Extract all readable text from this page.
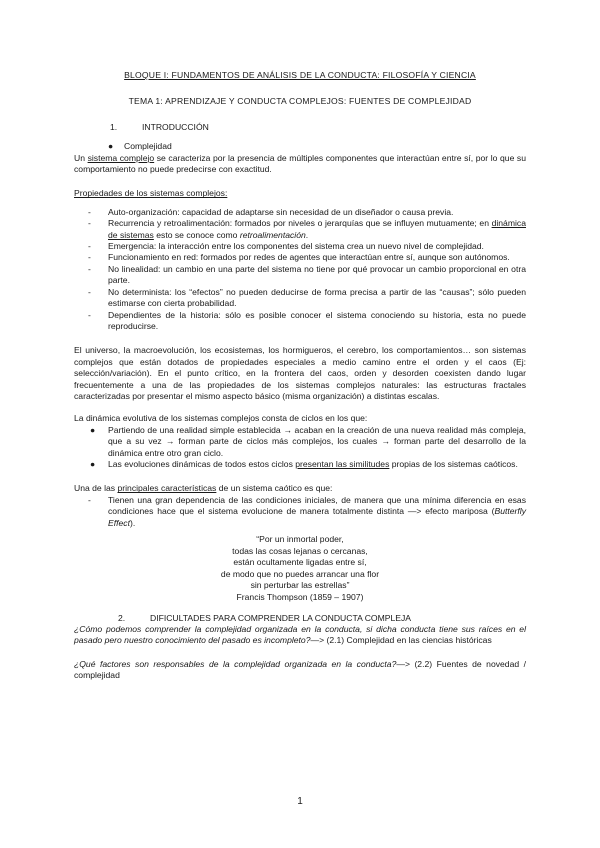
BLOQUE I: FUNDAMENTOS DE ANÁLISIS DE LA CONDUCTA: FILOSOFÍA Y CIENCIA
TEMA 1: APRENDIZAJE Y CONDUCTA COMPLEJOS: FUENTES DE COMPLEJIDAD
1.	INTRODUCCIÓN
●	Complejidad

Un sistema complejo se caracteriza por la presencia de múltiples componentes que interactúan entre sí, por lo que su comportamiento no puede predecirse con exactitud.

Propiedades de los sistemas complejos:

-	Auto-organización: capacidad de adaptarse sin necesidad de un diseñador o causa previa.
-	Recurrencia y retroalimentación: formados por niveles o jerarquías que se influyen mutuamente; en dinámica de sistemas esto se conoce como retroalimentación.
-	Emergencia: la interacción entre los componentes del sistema crea un nuevo nivel de complejidad.
-	Funcionamiento en red: formados por redes de agentes que interactúan entre sí, aunque son autónomos.
-	No linealidad: un cambio en una parte del sistema no tiene por qué provocar un cambio proporcional en otra parte.
-	No determinista: los “efectos” no pueden deducirse de forma precisa a partir de las “causas”; sólo pueden estimarse con cierta probabilidad.
-	Dependientes de la historia: sólo es posible conocer el sistema conociendo su historia, esta no puede reproducirse.

El universo, la macroevolución, los ecosistemas, los hormigueros, el cerebro, los comportamientos… son sistemas complejos que están dotados de propiedades especiales a medio camino entre el orden y el caos (Ej: selección/variación). En el punto crítico, en la frontera del caos, orden y desorden coexisten dando lugar frecuentemente a una de las propiedades de los sistemas complejos naturales: las estructuras fractales caracterizadas por presentar el mismo aspecto básico (misma organización) a distintas escalas.

La dinámica evolutiva de los sistemas complejos consta de ciclos en los que:

●	Partiendo de una realidad simple establecida → acaban en la creación de una nueva realidad más compleja, que a su vez → forman parte de ciclos más complejos, los cuales → forman parte del desarrollo de la dinámica entre otro gran ciclo.
●	Las evoluciones dinámicas de todos estos ciclos presentan las similitudes propias de los sistemas caóticos.

Una de las principales características de un sistema caótico es que:

-	Tienen una gran dependencia de las condiciones iniciales, de manera que una mínima diferencia en esas condiciones hace que el sistema evolucione de manera totalmente distinta —> efecto mariposa (Butterfly Effect).
“Por un inmortal poder,
todas las cosas lejanas o cercanas,
están ocultamente ligadas entre sí,
de modo que no puedes arrancar una flor
sin perturbar las estrellas”
Francis Thompson (1859 – 1907)
2.	DIFICULTADES PARA COMPRENDER LA CONDUCTA COMPLEJA

¿Cómo podemos comprender la complejidad organizada en la conducta, si dicha conducta tiene sus raíces en el pasado pero nuestro conocimiento del pasado es incompleto?—> (2.1) Complejidad en las ciencias históricas

¿Qué factores son responsables de la complejidad organizada en la conducta?—> (2.2) Fuentes de novedad / complejidad

1
